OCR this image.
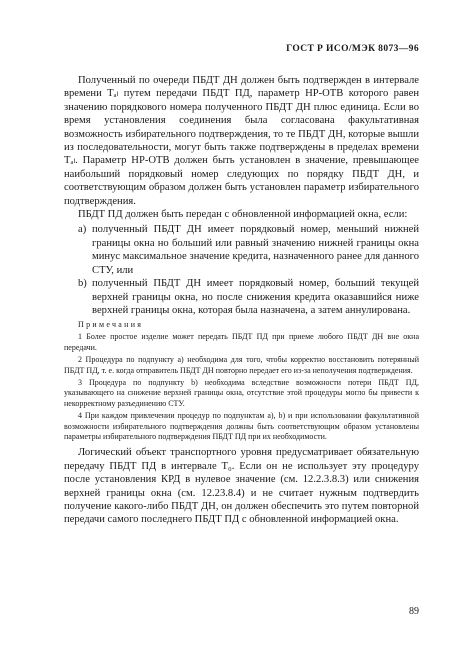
ГОСТ Р ИСО/МЭК 8073—96

Полученный по очереди ПБДТ ДН должен быть подтвержден в интервале времени Тₐₗ путем передачи ПБДТ ПД, параметр НР-ОТВ которого равен значению порядкового номера полученного ПБДТ ДН плюс единица. Если во время установления соединения была согласована факультативная возможность избирательного подтверждения, то те ПБДТ ДН, которые вышли из последовательности, могут быть также подтверждены в пределах времени Тₐₗ. Параметр НР-ОТВ должен быть установлен в значение, превышающее наибольший порядковый номер следующих по порядку ПБДТ ДН, и соответствующим образом должен быть установлен параметр избирательного подтверждения.

ПБДТ ПД должен быть передан с обновленной информацией окна, если:

а) полученный ПБДТ ДН имеет порядковый номер, меньший нижней границы окна но больший или равный значению нижней границы окна минус максимальное значение кредита, назначенного ранее для данного СТУ, или
b) полученный ПБДТ ДН имеет порядковый номер, больший текущей верхней границы окна, но после снижения кредита оказавшийся ниже верхней границы окна, которая была назначена, а затем аннулирована.
Примечания
1 Более простое изделие может передать ПБДТ ПД при приеме любого ПБДТ ДН вне окна передачи.
2 Процедура по подпункту а) необходима для того, чтобы корректно восстановить потерянный ПБДТ ПД, т. е. когда отправитель ПБДТ ДН повторно передает его из-за неполучения подтверждения.
3 Процедура по подпункту b) необходима вследствие возможности потери ПБДТ ПД, указывающего на снижение верхней границы окна, отсутствие этой процедуры могло бы привести к некорректному разъединению СТУ.
4 При каждом привлечении процедур по подпунктам а), b) и при использовании факультативной возможности избирательного подтверждения должны быть соответствующим образом установлены параметры избирательного подтверждения ПБДТ ПД при их необходимости.

Логический объект транспортного уровня предусматривает обязательную передачу ПБДТ ПД в интервале Т₀. Если он не использует эту процедуру после установления КРД в нулевое значение (см. 12.2.3.8.3) или снижения верхней границы окна (см. 12.23.8.4) и не считает нужным подтвердить получение какого-либо ПБДТ ДН, он должен обеспечить это путем повторной передачи самого последнего ПБДТ ПД с обновленной информацией окна.

89
